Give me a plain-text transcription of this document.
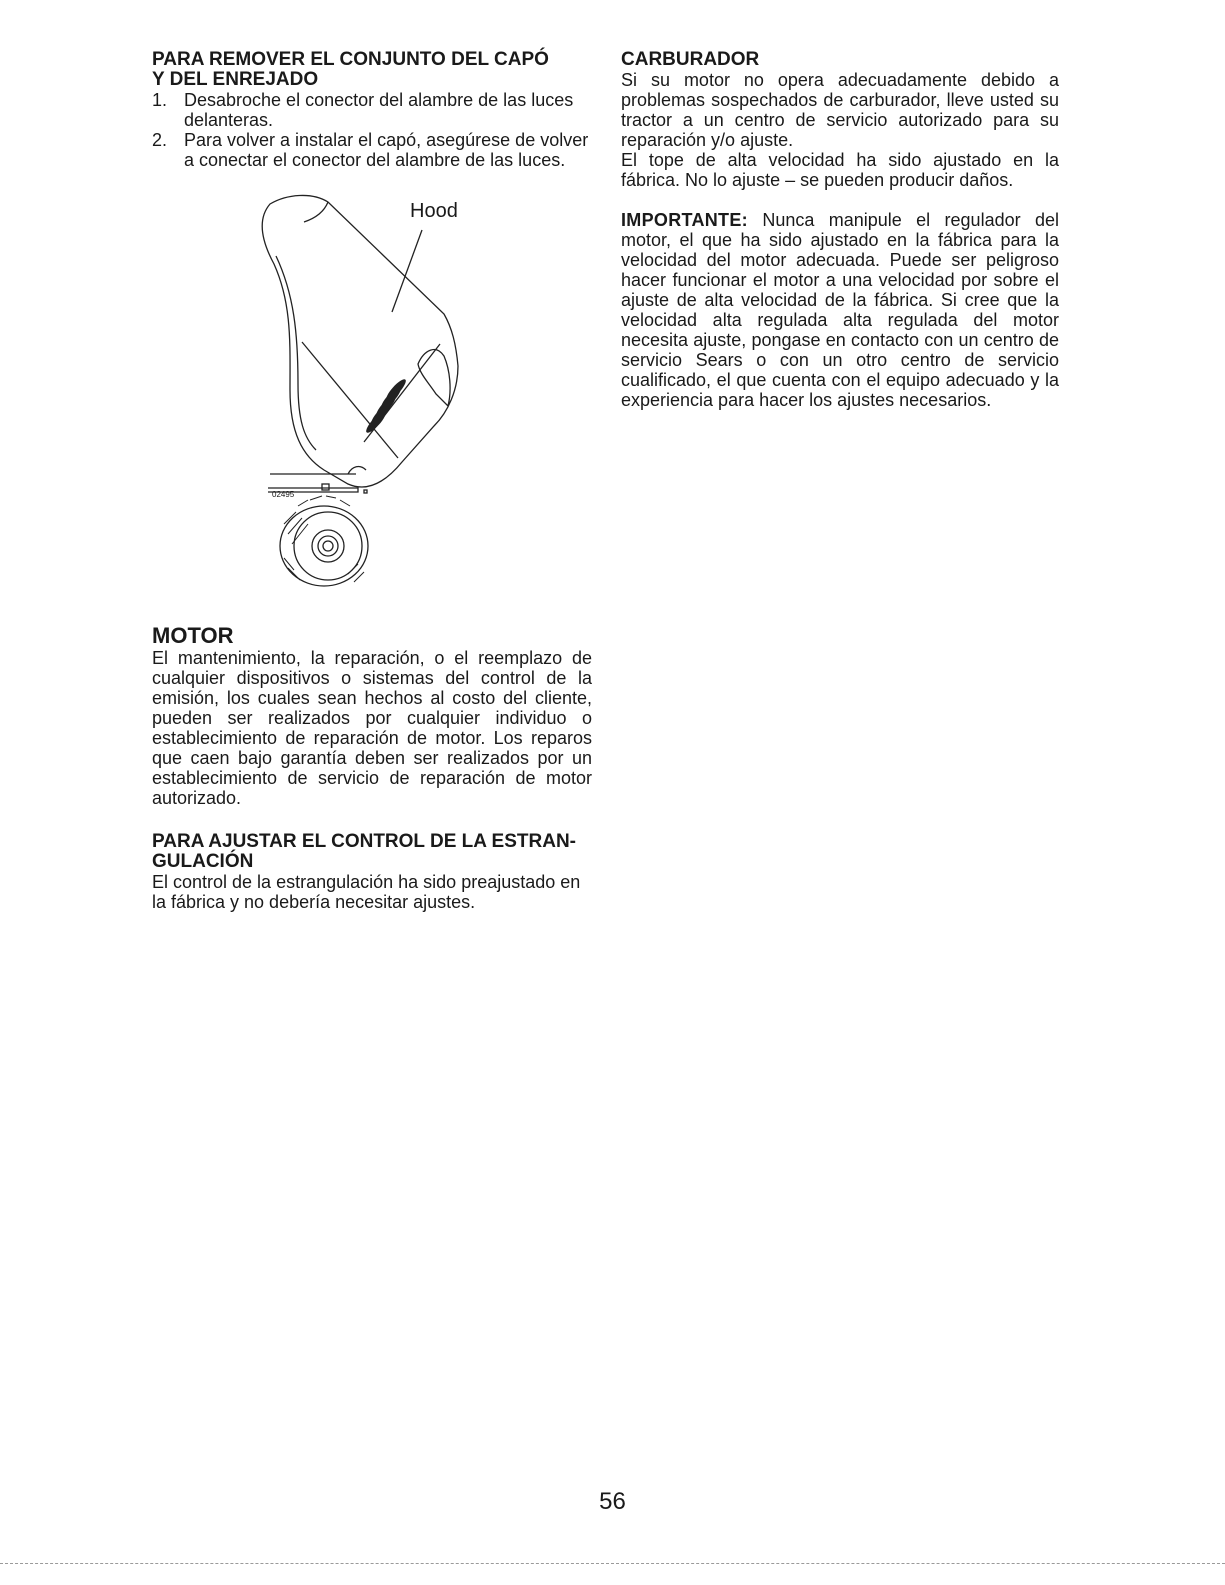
PARA REMOVER EL CONJUNTO DEL CAPÓ
Y DEL ENREJADO
1. Desabroche el conector del alambre de las luces delanteras.
2. Para volver a instalar el capó, asegúrese de volver a conectar el conector del alambre de las luces.
Hood
02495
MOTOR

El mantenimiento, la reparación, o el reemplazo de cualquier dispositivos o sistemas del control de la emisión, los cuales sean hechos al costo del cliente, pueden ser realizados por cualquier individuo o establecimiento de reparación de motor. Los reparos que caen bajo garantía deben ser realizados por un establecimiento de servicio de reparación de motor autorizado.

PARA AJUSTAR EL CONTROL DE LA ESTRAN-
GULACIÓN

El control de la estrangulación ha sido preajustado en la fábrica y no debería necesitar ajustes.

CARBURADOR

Si su motor no opera adecuadamente debido a problemas sospechados de carburador, lleve usted su tractor a un centro de servicio autorizado para su reparación y/o ajuste.

El tope de alta velocidad ha sido ajustado en la fábrica. No lo ajuste – se pueden producir daños.

IMPORTANTE: Nunca manipule el regulador del motor, el que ha sido ajustado en la fábrica para la velocidad del motor adecuada. Puede ser peligroso hacer funcionar el motor a una velocidad por sobre el ajuste de alta velocidad de la fábrica. Si cree que la velocidad alta regulada alta regulada del motor necesita ajuste, pongase en contacto con un centro de servicio Sears o con un otro centro de servicio cualificado, el que cuenta con el equipo adecuado y la experiencia para hacer los ajustes necesarios.

56
